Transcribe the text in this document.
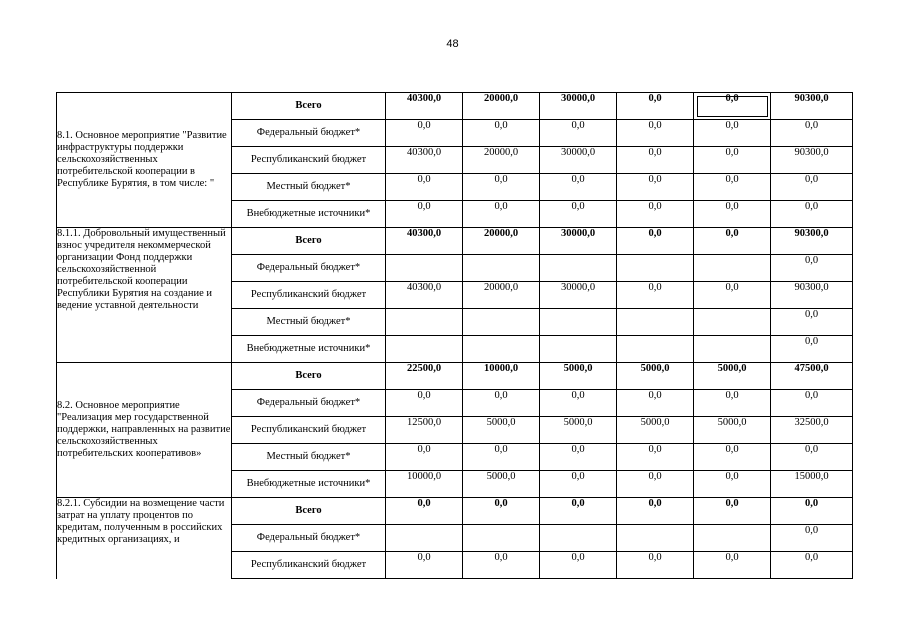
48
8.1. Основное мероприятие "Развитие инфраструктуры поддержки сельскохозяйственных потребительской кооперации в Республике Бурятия, в том числе: "	Всего	40300,0	20000,0	30000,0	0,0	0,0	90300,0
	Федеральный бюджет*	0,0	0,0	0,0	0,0	0,0	0,0
	Республиканский бюджет	40300,0	20000,0	30000,0	0,0	0,0	90300,0
	Местный бюджет*	0,0	0,0	0,0	0,0	0,0	0,0
	Внебюджетные источники*	0,0	0,0	0,0	0,0	0,0	0,0
8.1.1. Добровольный имущественный взнос учредителя некоммерческой организации Фонд поддержки сельскохозяйственной потребительской кооперации Республики Бурятия на создание и ведение уставной деятельности	Всего	40300,0	20000,0	30000,0	0,0	0,0	90300,0
	Федеральный бюджет*						0,0
	Республиканский бюджет	40300,0	20000,0	30000,0	0,0	0,0	90300,0
	Местный бюджет*						0,0
	Внебюджетные источники*						0,0
8.2. Основное мероприятие "Реализация мер государственной поддержки, направленных на развитие сельскохозяйственных потребительских кооперативов»	Всего	22500,0	10000,0	5000,0	5000,0	5000,0	47500,0
	Федеральный бюджет*	0,0	0,0	0,0	0,0	0,0	0,0
	Республиканский бюджет	12500,0	5000,0	5000,0	5000,0	5000,0	32500,0
	Местный бюджет*	0,0	0,0	0,0	0,0	0,0	0,0
	Внебюджетные источники*	10000,0	5000,0	0,0	0,0	0,0	15000,0
8.2.1. Субсидии на возмещение части затрат на уплату процентов по кредитам, полученным в российских кредитных организациях, и	Всего	0,0	0,0	0,0	0,0	0,0	0,0
	Федеральный бюджет*						0,0
	Республиканский бюджет	0,0	0,0	0,0	0,0	0,0	0,0
